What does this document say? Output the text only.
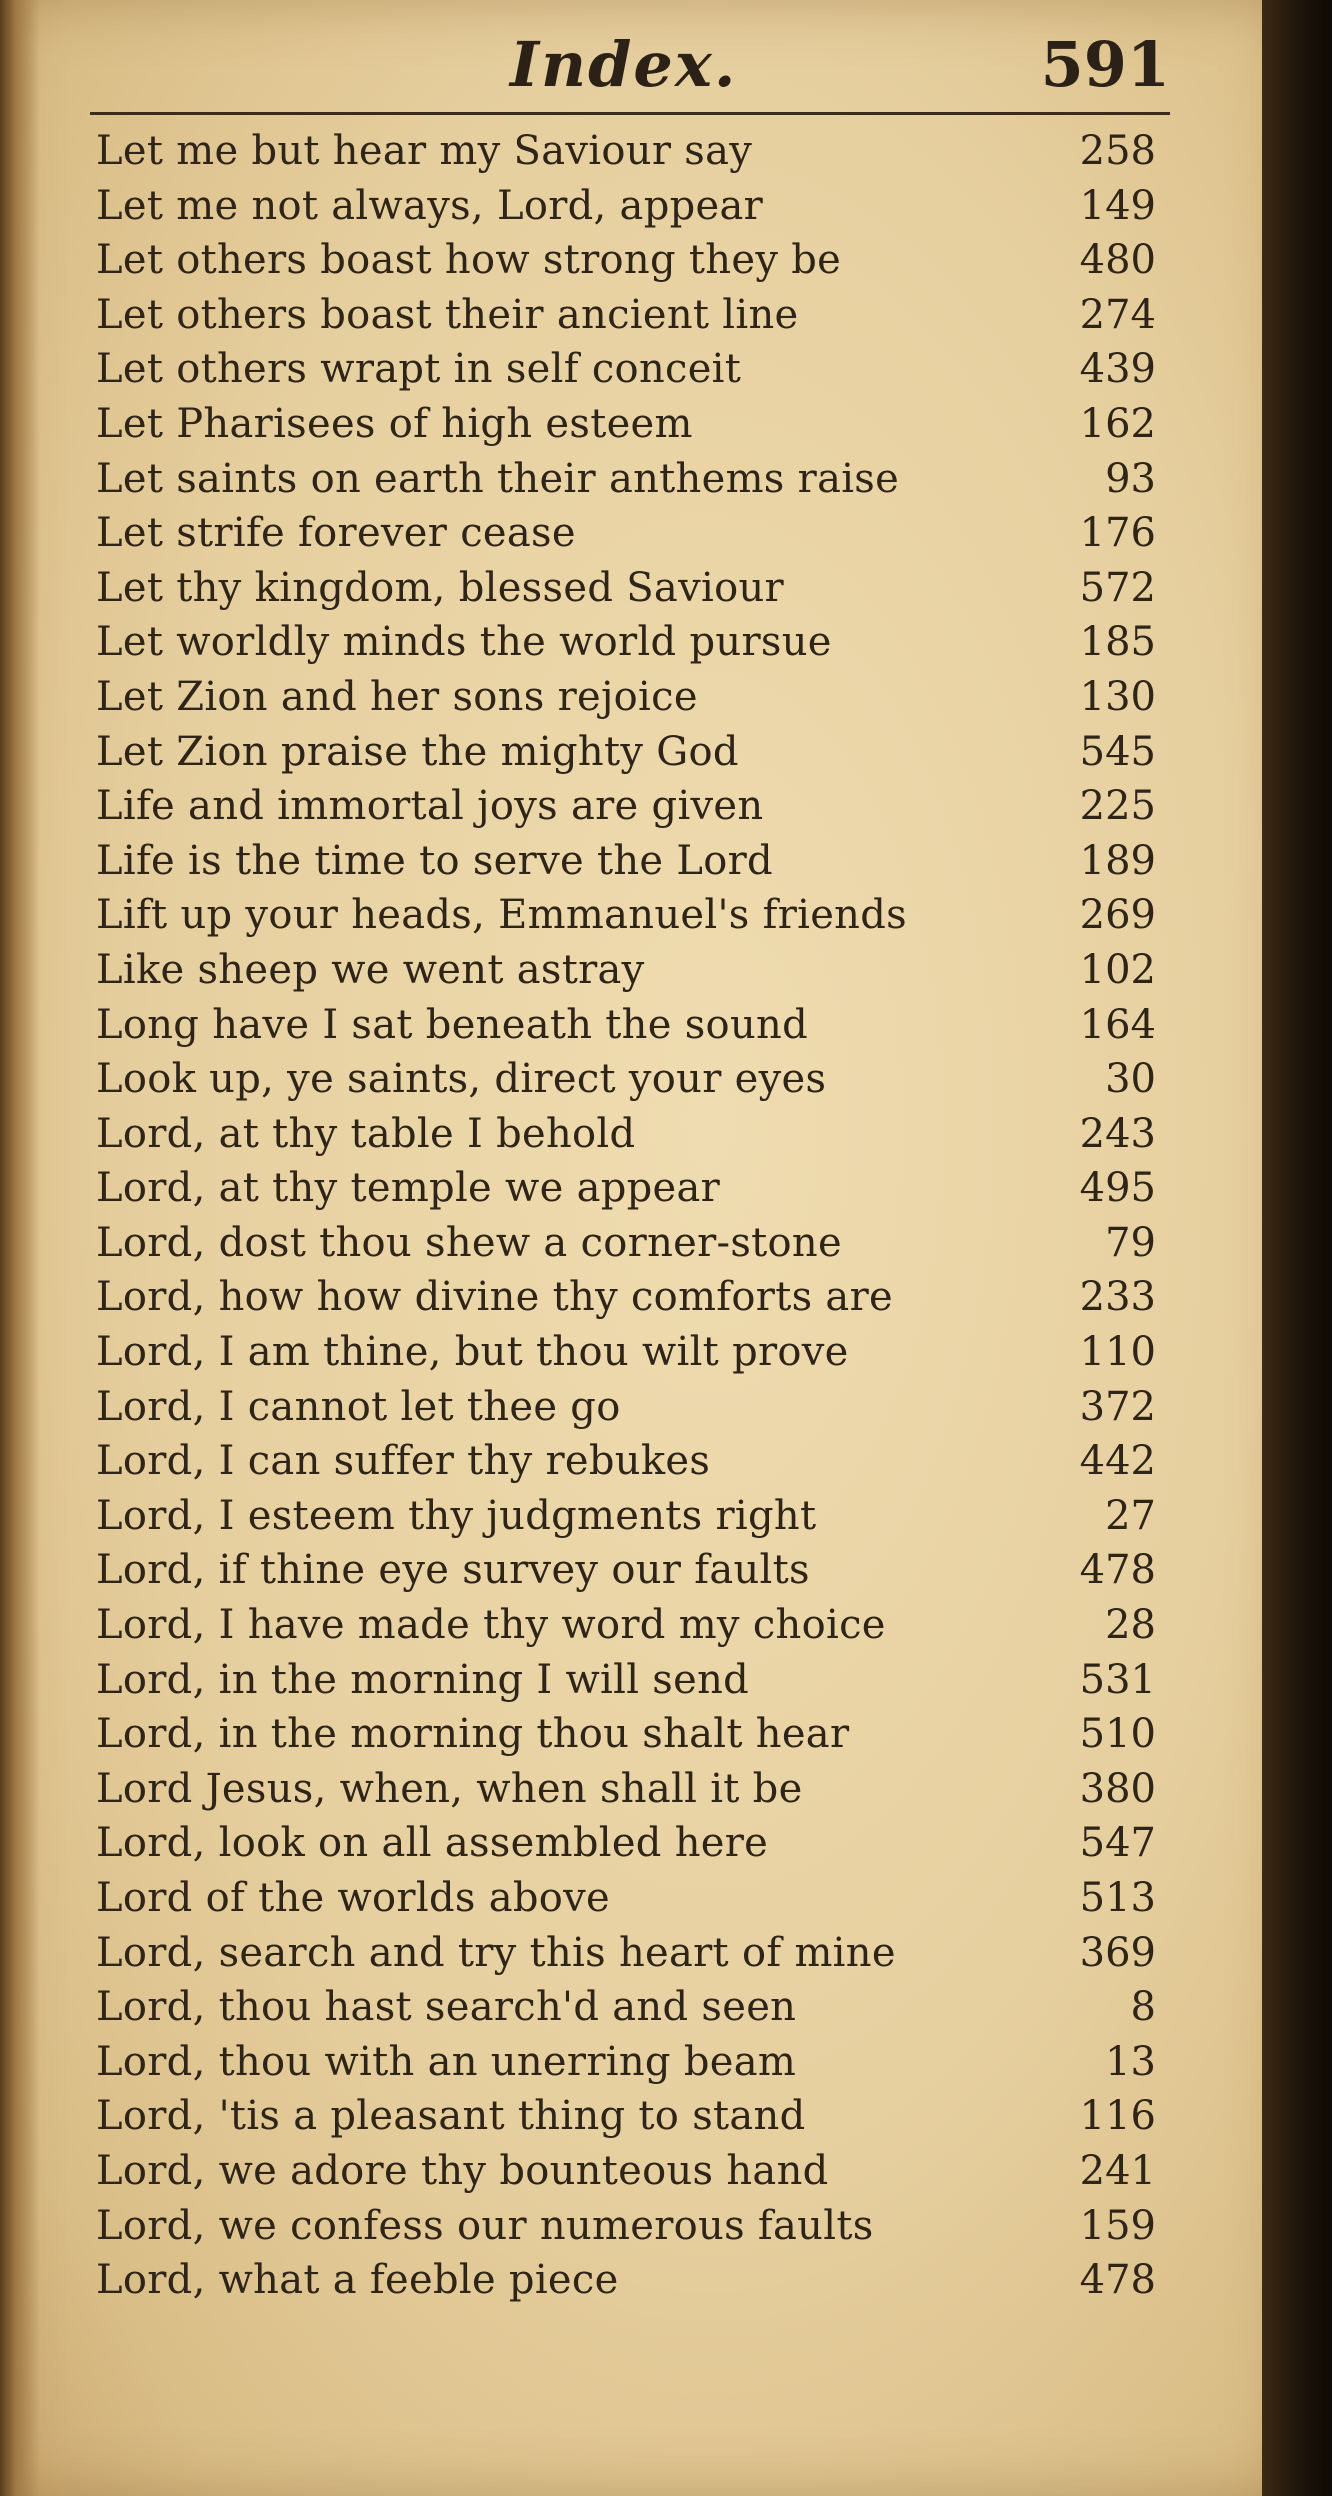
Index.	591
Let me but hear my Saviour say	258
Let me not always, Lord, appear	149
Let others boast how strong they be	480
Let others boast their ancient line	274
Let others wrapt in self conceit	439
Let Pharisees of high esteem	162
Let saints on earth their anthems raise	93
Let strife forever cease	176
Let thy kingdom, blessed Saviour	572
Let worldly minds the world pursue	185
Let Zion and her sons rejoice	130
Let Zion praise the mighty God	545
Life and immortal joys are given	225
Life is the time to serve the Lord	189
Lift up your heads, Emmanuel's friends	269
Like sheep we went astray	102
Long have I sat beneath the sound	164
Look up, ye saints, direct your eyes	30
Lord, at thy table I behold	243
Lord, at thy temple we appear	495
Lord, dost thou shew a corner-stone	79
Lord, how how divine thy comforts are	233
Lord, I am thine, but thou wilt prove	110
Lord, I cannot let thee go	372
Lord, I can suffer thy rebukes	442
Lord, I esteem thy judgments right	27
Lord, if thine eye survey our faults	478
Lord, I have made thy word my choice	28
Lord, in the morning I will send	531
Lord, in the morning thou shalt hear	510
Lord Jesus, when, when shall it be	380
Lord, look on all assembled here	547
Lord of the worlds above	513
Lord, search and try this heart of mine	369
Lord, thou hast search'd and seen	8
Lord, thou with an unerring beam	13
Lord, 'tis a pleasant thing to stand	116
Lord, we adore thy bounteous hand	241
Lord, we confess our numerous faults	159
Lord, what a feeble piece	478
